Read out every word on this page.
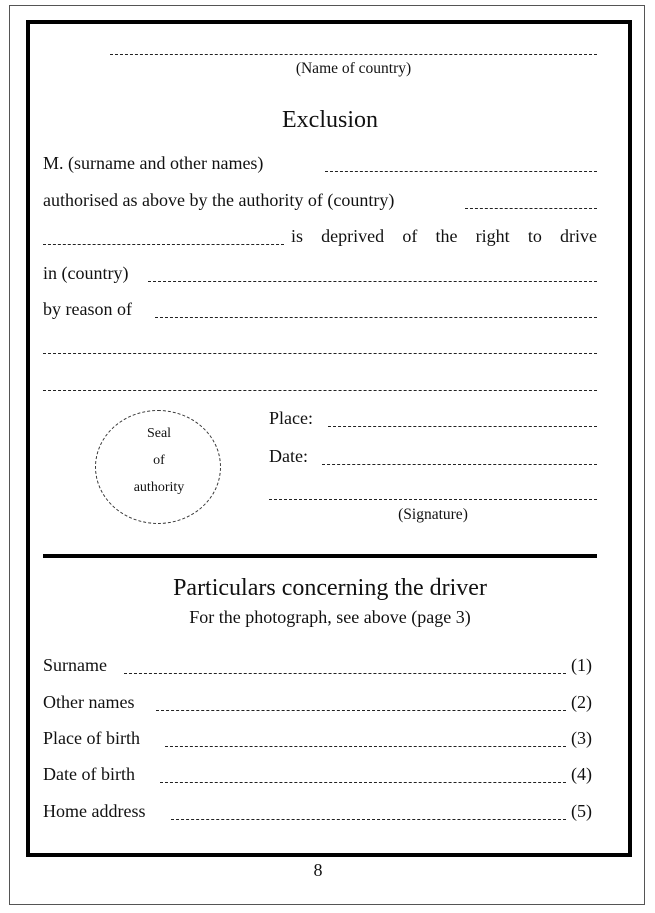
(Name of country)
Exclusion
M. (surname and other names)
authorised as above by the authority of (country)
is deprived of the right to drive
in (country)
by reason of
Seal
of
authority
Place:
Date:
(Signature)
Particulars concerning the driver
For the photograph, see above (page 3)
Surname	(1)
Other names	(2)
Place of birth	(3)
Date of birth	(4)
Home address	(5)
8
